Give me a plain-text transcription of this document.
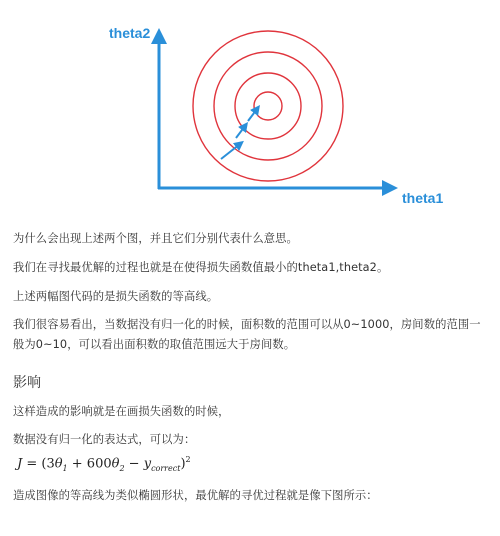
theta2
theta1

为什么会出现上述两个图，并且它们分别代表什么意思。

我们在寻找最优解的过程也就是在使得损失函数值最小的theta1,theta2。

上述两幅图代码的是损失函数的等高线。

我们很容易看出，当数据没有归一化的时候，面积数的范围可以从0~1000，房间数的范围一般为0~10，可以看出面积数的取值范围远大于房间数。

影响

这样造成的影响就是在画损失函数的时候，

数据没有归一化的表达式，可以为：

$J = (3\theta_1 + 600\theta_2 - y_{correct})^2$

造成图像的等高线为类似椭圆形状，最优解的寻优过程就是像下图所示：
